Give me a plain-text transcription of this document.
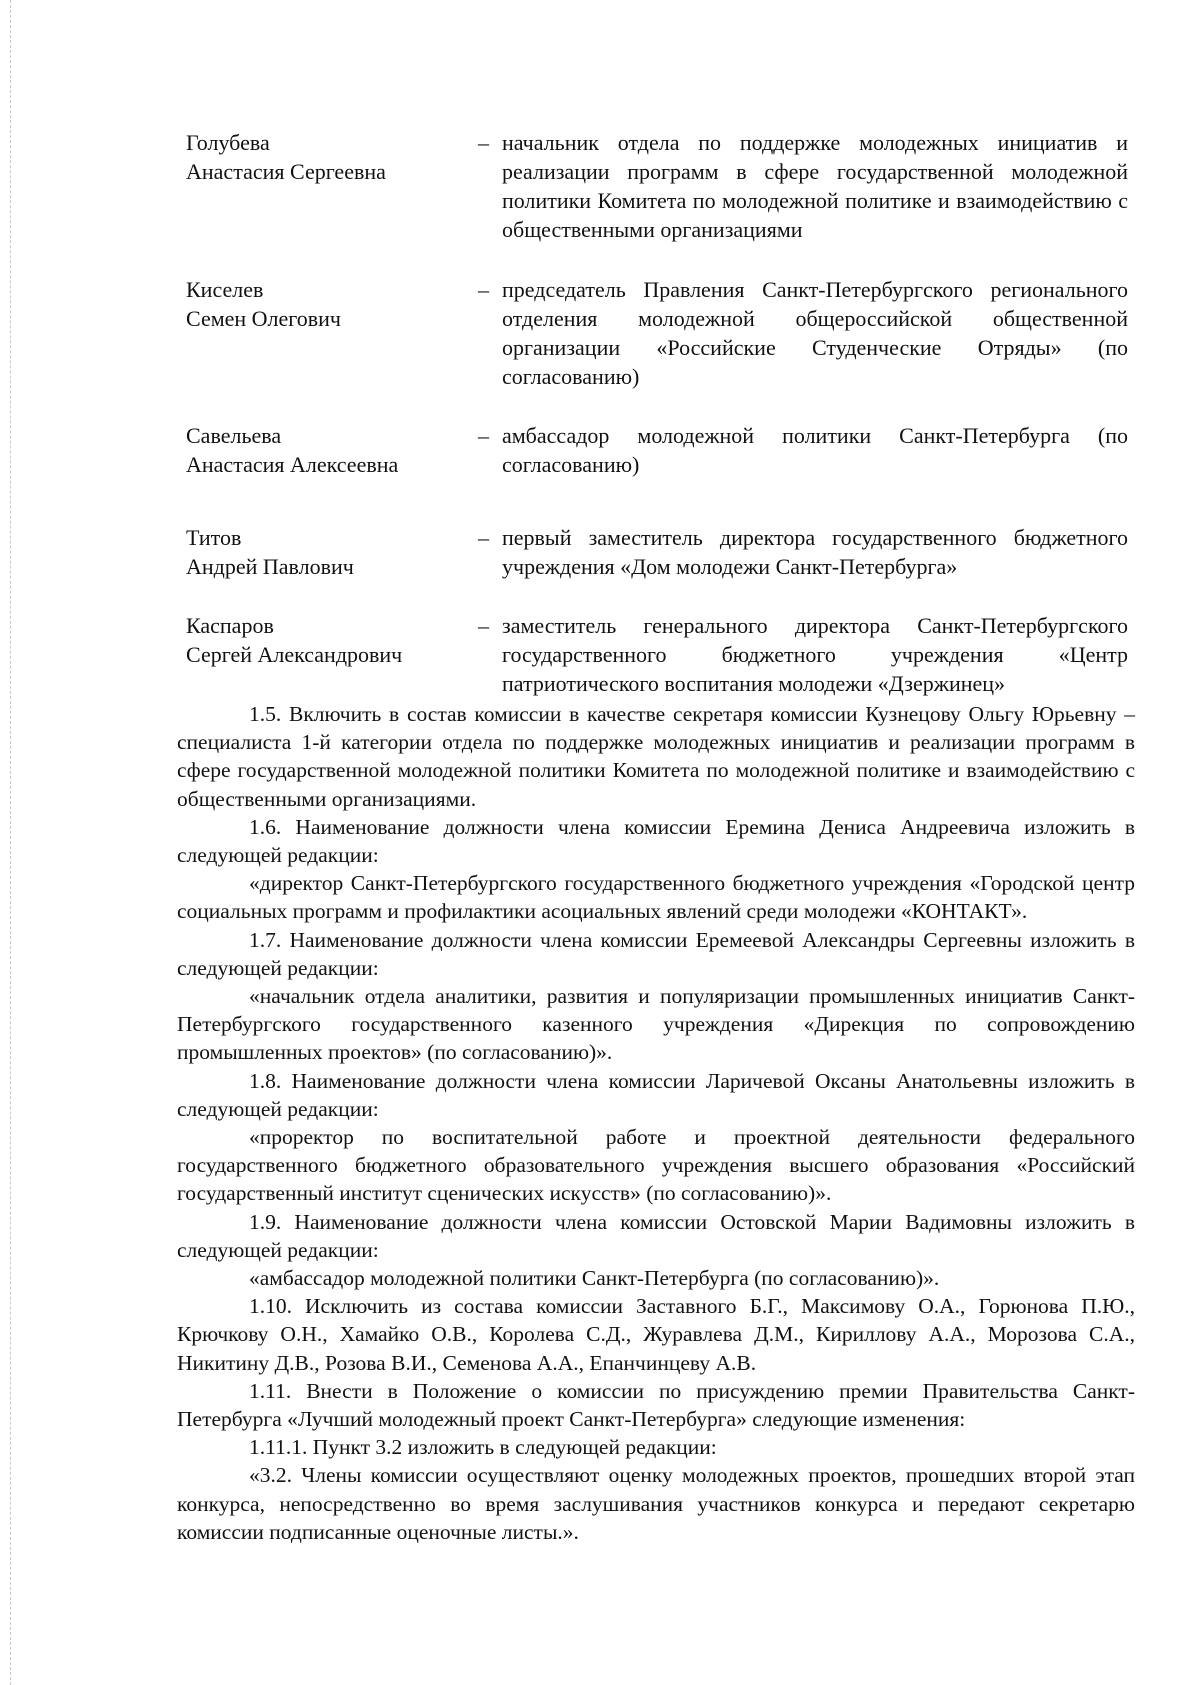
Голубева
Анастасия Сергеевна
– начальник отдела по поддержке молодежных инициатив и реализации программ в сфере государственной молодежной политики Комитета по молодежной политике и взаимодействию с общественными организациями
Киселев
Семен Олегович
– председатель Правления Санкт-Петербургского регионального отделения молодежной общероссийской общественной организации «Российские Студенческие Отряды» (по согласованию)
Савельева
Анастасия Алексеевна
– амбассадор молодежной политики Санкт-Петербурга (по согласованию)
Титов
Андрей Павлович
– первый заместитель директора государственного бюджетного учреждения «Дом молодежи Санкт-Петербурга»
Каспаров
Сергей Александрович
– заместитель генерального директора Санкт-Петербургского государственного бюджетного учреждения «Центр патриотического воспитания молодежи «Дзержинец»

1.5. Включить в состав комиссии в качестве секретаря комиссии Кузнецову Ольгу Юрьевну – специалиста 1-й категории отдела по поддержке молодежных инициатив и реализации программ в сфере государственной молодежной политики Комитета по молодежной политике и взаимодействию с общественными организациями.

1.6. Наименование должности члена комиссии Еремина Дениса Андреевича изложить в следующей редакции:

«директор Санкт-Петербургского государственного бюджетного учреждения «Городской центр социальных программ и профилактики асоциальных явлений среди молодежи «КОНТАКТ».

1.7. Наименование должности члена комиссии Еремеевой Александры Сергеевны изложить в следующей редакции:

«начальник отдела аналитики, развития и популяризации промышленных инициатив Санкт-Петербургского государственного казенного учреждения «Дирекция по сопровождению промышленных проектов» (по согласованию)».

1.8. Наименование должности члена комиссии Ларичевой Оксаны Анатольевны изложить в следующей редакции:

«проректор по воспитательной работе и проектной деятельности федерального государственного бюджетного образовательного учреждения высшего образования «Российский государственный институт сценических искусств» (по согласованию)».

1.9. Наименование должности члена комиссии Остовской Марии Вадимовны изложить в следующей редакции:

«амбассадор молодежной политики Санкт-Петербурга (по согласованию)».

1.10. Исключить из состава комиссии Заставного Б.Г., Максимову О.А., Горюнова П.Ю., Крючкову О.Н., Хамайко О.В., Королева С.Д., Журавлева Д.М., Кириллову А.А., Морозова С.А., Никитину Д.В., Розова В.И., Семенова А.А., Епанчинцеву А.В.

1.11. Внести в Положение о комиссии по присуждению премии Правительства Санкт-Петербурга «Лучший молодежный проект Санкт-Петербурга» следующие изменения:

1.11.1. Пункт 3.2 изложить в следующей редакции:

«3.2. Члены комиссии осуществляют оценку молодежных проектов, прошедших второй этап конкурса, непосредственно во время заслушивания участников конкурса и передают секретарю комиссии подписанные оценочные листы.».
